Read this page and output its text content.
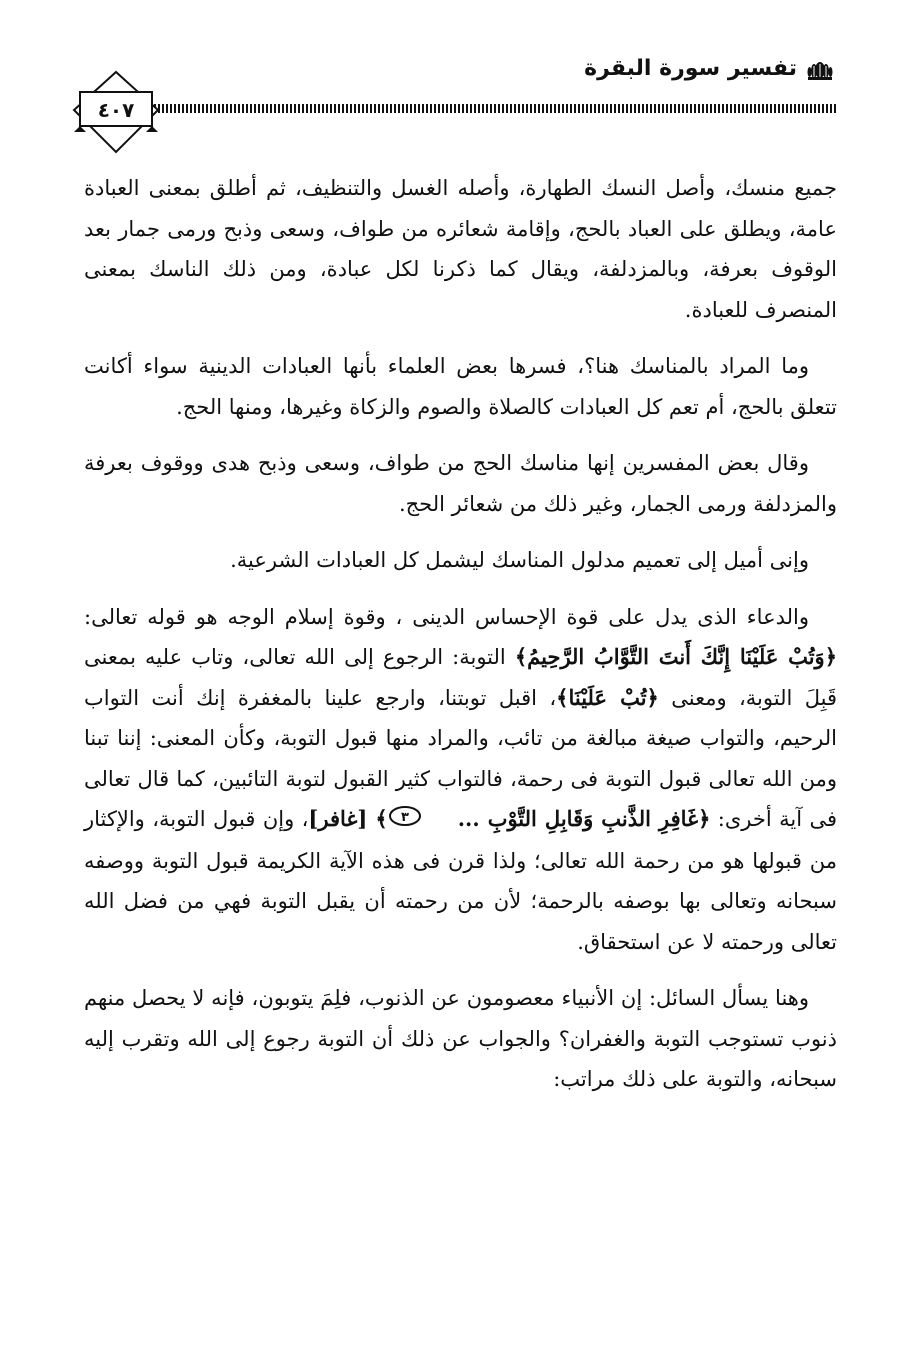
تفسير سورة البقرة
٤٠٧

جميع منسك، وأصل النسك الطهارة، وأصله الغسل والتنظيف، ثم أطلق بمعنى العبادة عامة، ويطلق على العباد بالحج، وإقامة شعائره من طواف، وسعى وذبح ورمى جمار بعد الوقوف بعرفة، وبالمزدلفة، ويقال كما ذكرنا لكل عبادة، ومن ذلك الناسك بمعنى المنصرف للعبادة.

وما المراد بالمناسك هنا؟، فسرها بعض العلماء بأنها العبادات الدينية سواء أكانت تتعلق بالحج، أم تعم كل العبادات كالصلاة والصوم والزكاة وغيرها، ومنها الحج.

وقال بعض المفسرين إنها مناسك الحج من طواف، وسعى وذبح هدى ووقوف بعرفة والمزدلفة ورمى الجمار، وغير ذلك من شعائر الحج.

وإنى أميل إلى تعميم مدلول المناسك ليشمل كل العبادات الشرعية.

والدعاء الذى يدل على قوة الإحساس الدينى ، وقوة إسلام الوجه هو قوله تعالى: ﴿وَتُبْ عَلَيْنَا إِنَّكَ أَنتَ التَّوَّابُ الرَّحِيمُ﴾ التوبة: الرجوع إلى الله تعالى، وتاب عليه بمعنى قَبِلَ التوبة، ومعنى ﴿تُبْ عَلَيْنَا﴾، اقبل توبتنا، وارجع علينا بالمغفرة إنك أنت التواب الرحيم، والتواب صيغة مبالغة من تائب، والمراد منها قبول التوبة، وكأن المعنى: إننا تبنا ومن الله تعالى قبول التوبة فى رحمة، فالتواب كثير القبول لتوبة التائبين، كما قال تعالى فى آية أخرى: ﴿غَافِرِ الذَّنبِ وَقَابِلِ التَّوْبِ ...
٣
﴾ [غافر]، وإن قبول التوبة، والإكثار من قبولها هو من رحمة الله تعالى؛ ولذا قرن فى هذه الآية الكريمة قبول التوبة ووصفه سبحانه وتعالى بها بوصفه بالرحمة؛ لأن من رحمته أن يقبل التوبة فهي من فضل الله تعالى ورحمته لا عن استحقاق.

وهنا يسأل السائل: إن الأنبياء معصومون عن الذنوب، فلِمَ يتوبون، فإنه لا يحصل منهم ذنوب تستوجب التوبة والغفران؟ والجواب عن ذلك أن التوبة رجوع إلى الله وتقرب إليه سبحانه، والتوبة على ذلك مراتب:
